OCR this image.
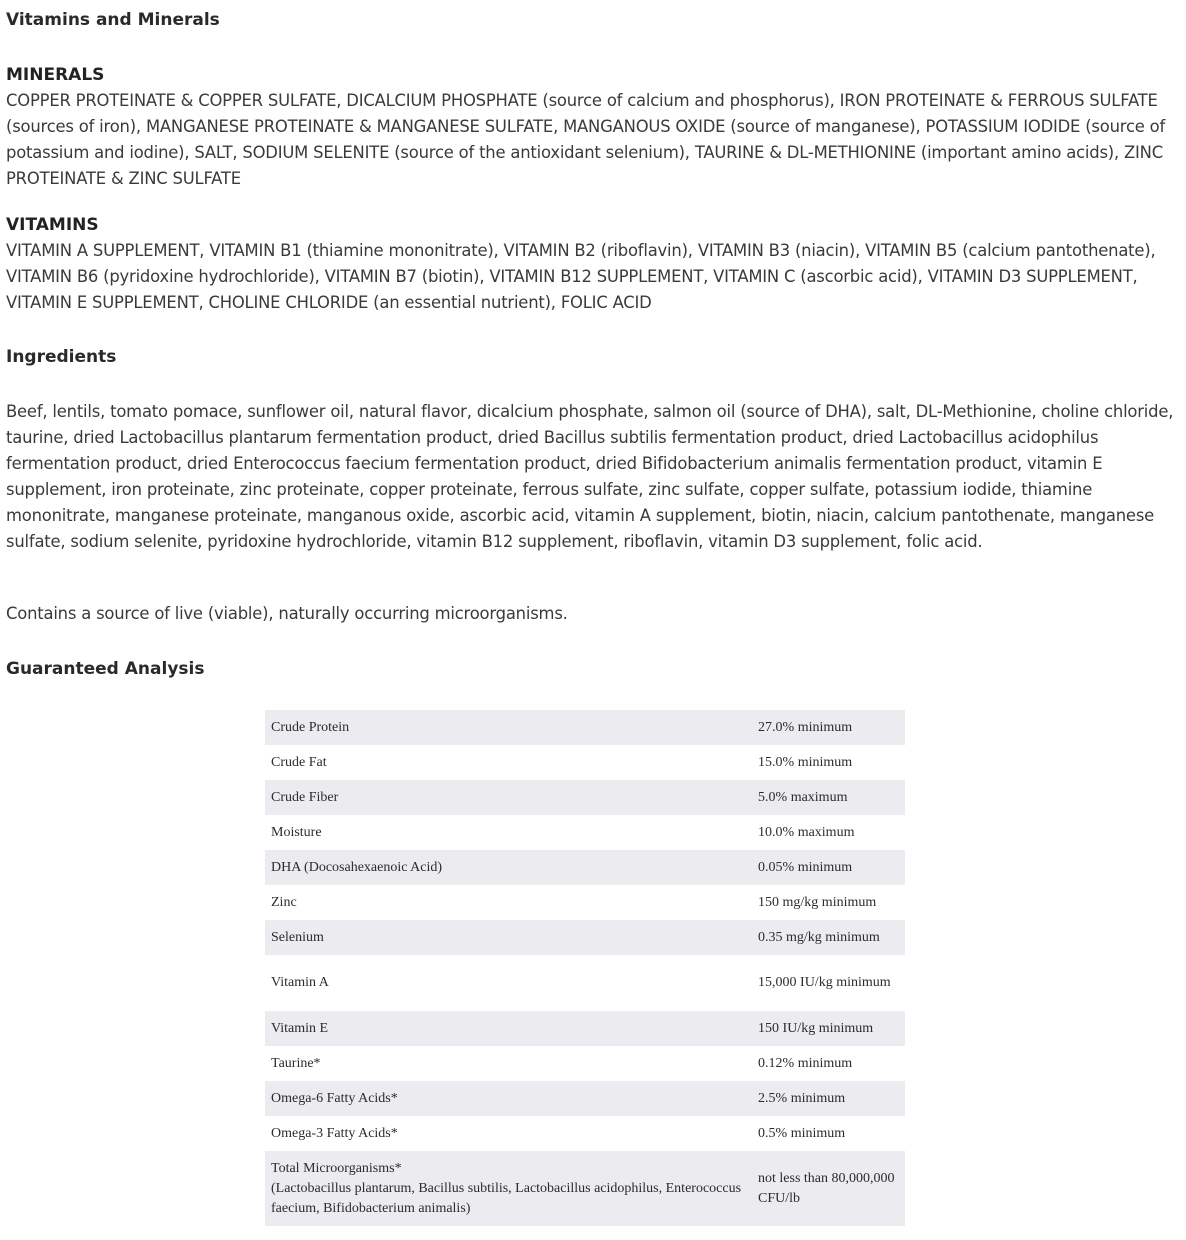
Vitamins and Minerals
MINERALS

COPPER PROTEINATE & COPPER SULFATE, DICALCIUM PHOSPHATE (source of calcium and phosphorus), IRON PROTEINATE & FERROUS SULFATE (sources of iron), MANGANESE PROTEINATE & MANGANESE SULFATE, MANGANOUS OXIDE (source of manganese), POTASSIUM IODIDE (source of potassium and iodine), SALT, SODIUM SELENITE (source of the antioxidant selenium), TAURINE & DL-METHIONINE (important amino acids), ZINC PROTEINATE & ZINC SULFATE

VITAMINS

VITAMIN A SUPPLEMENT, VITAMIN B1 (thiamine mononitrate), VITAMIN B2 (riboflavin), VITAMIN B3 (niacin), VITAMIN B5 (calcium pantothenate), VITAMIN B6 (pyridoxine hydrochloride), VITAMIN B7 (biotin), VITAMIN B12 SUPPLEMENT, VITAMIN C (ascorbic acid), VITAMIN D3 SUPPLEMENT, VITAMIN E SUPPLEMENT, CHOLINE CHLORIDE (an essential nutrient), FOLIC ACID

Ingredients

Beef, lentils, tomato pomace, sunflower oil, natural flavor, dicalcium phosphate, salmon oil (source of DHA), salt, DL-Methionine, choline chloride, taurine, dried Lactobacillus plantarum fermentation product, dried Bacillus subtilis fermentation product, dried Lactobacillus acidophilus fermentation product, dried Enterococcus faecium fermentation product, dried Bifidobacterium animalis fermentation product, vitamin E supplement, iron proteinate, zinc proteinate, copper proteinate, ferrous sulfate, zinc sulfate, copper sulfate, potassium iodide, thiamine mononitrate, manganese proteinate, manganous oxide, ascorbic acid, vitamin A supplement, biotin, niacin, calcium pantothenate, manganese sulfate, sodium selenite, pyridoxine hydrochloride, vitamin B12 supplement, riboflavin, vitamin D3 supplement, folic acid.

Contains a source of live (viable), naturally occurring microorganisms.

Guaranteed Analysis
Crude Protein	27.0% minimum
Crude Fat	15.0% minimum
Crude Fiber	5.0% maximum
Moisture	10.0% maximum
DHA (Docosahexaenoic Acid)	0.05% minimum
Zinc	150 mg/kg minimum
Selenium	0.35 mg/kg minimum
Vitamin A	15,000 IU/kg minimum
Vitamin E	150 IU/kg minimum
Taurine*	0.12% minimum
Omega-6 Fatty Acids*	2.5% minimum
Omega-3 Fatty Acids*	0.5% minimum
Total Microorganisms*
(Lactobacillus plantarum, Bacillus subtilis, Lactobacillus acidophilus, Enterococcus faecium, Bifidobacterium animalis)	not less than 80,000,000 CFU/lb
